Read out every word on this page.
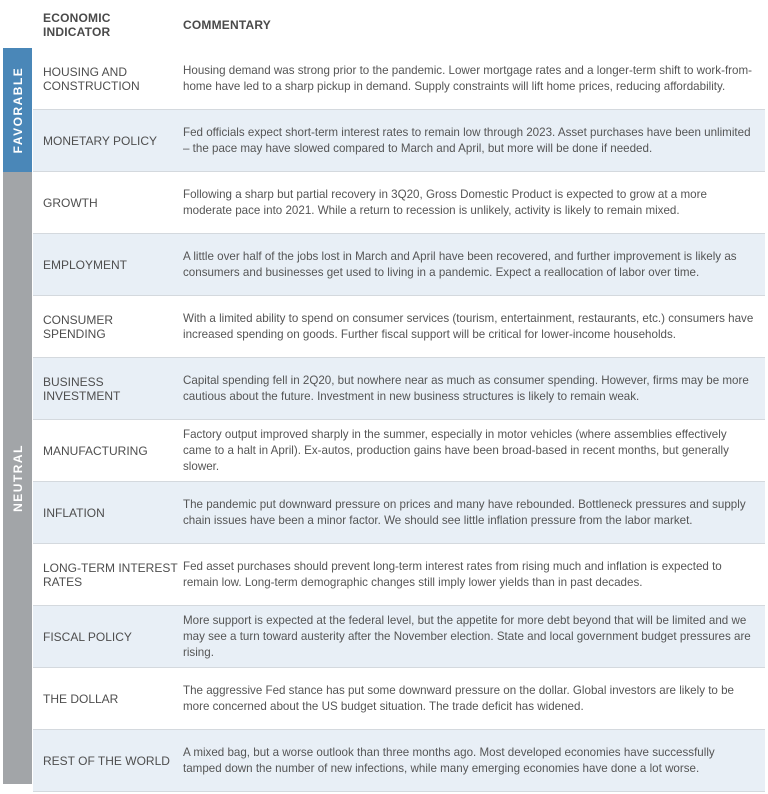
ECONOMIC INDICATOR	COMMENTARY
FAVORABLE
NEUTRAL
HOUSING AND CONSTRUCTION
Housing demand was strong prior to the pandemic. Lower mortgage rates and a longer-term shift to work-from-home have led to a sharp pickup in demand. Supply constraints will lift home prices, reducing affordability.
MONETARY POLICY
Fed officials expect short-term interest rates to remain low through 2023. Asset purchases have been unlimited – the pace may have slowed compared to March and April, but more will be done if needed.
GROWTH
Following a sharp but partial recovery in 3Q20, Gross Domestic Product is expected to grow at a more moderate pace into 2021. While a return to recession is unlikely, activity is likely to remain mixed.
EMPLOYMENT
A little over half of the jobs lost in March and April have been recovered, and further improvement is likely as consumers and businesses get used to living in a pandemic. Expect a reallocation of labor over time.
CONSUMER SPENDING
With a limited ability to spend on consumer services (tourism, entertainment, restaurants, etc.) consumers have increased spending on goods. Further fiscal support will be critical for lower-income households.
BUSINESS INVESTMENT
Capital spending fell in 2Q20, but nowhere near as much as consumer spending. However, firms may be more cautious about the future. Investment in new business structures is likely to remain weak.
MANUFACTURING
Factory output improved sharply in the summer, especially in motor vehicles (where assemblies effectively came to a halt in April). Ex-autos, production gains have been broad-based in recent months, but generally slower.
INFLATION
The pandemic put downward pressure on prices and many have rebounded. Bottleneck pressures and supply chain issues have been a minor factor. We should see little inflation pressure from the labor market.
LONG-TERM INTEREST RATES
Fed asset purchases should prevent long-term interest rates from rising much and inflation is expected to remain low. Long-term demographic changes still imply lower yields than in past decades.
FISCAL POLICY
More support is expected at the federal level, but the appetite for more debt beyond that will be limited and we may see a turn toward austerity after the November election. State and local government budget pressures are rising.
THE DOLLAR
The aggressive Fed stance has put some downward pressure on the dollar. Global investors are likely to be more concerned about the US budget situation. The trade deficit has widened.
REST OF THE WORLD
A mixed bag, but a worse outlook than three months ago. Most developed economies have successfully tamped down the number of new infections, while many emerging economies have done a lot worse.
